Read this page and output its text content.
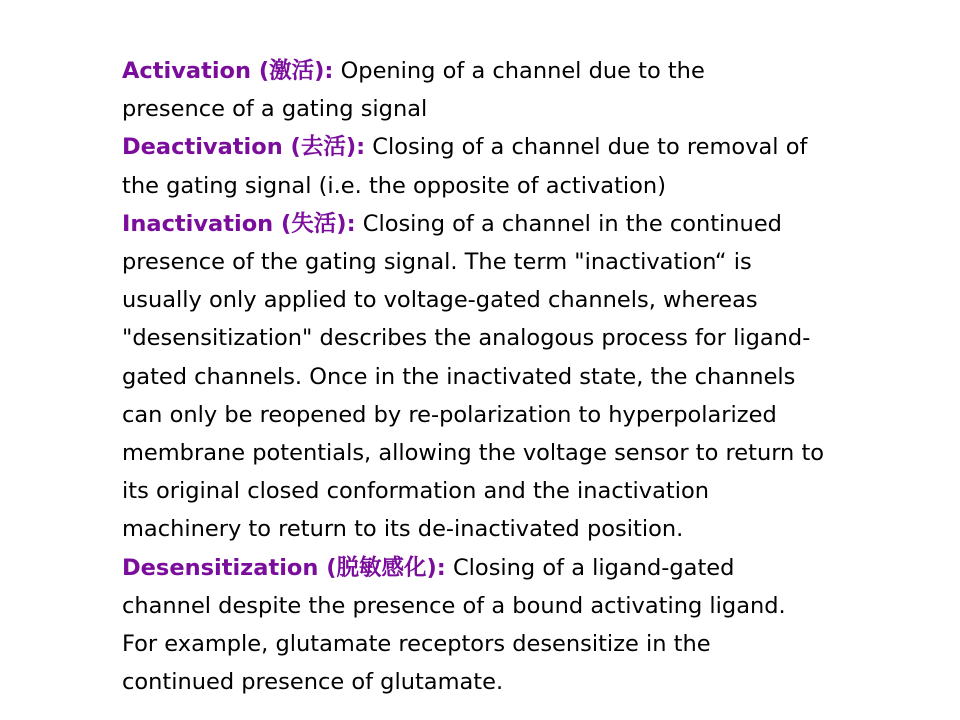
Activation (激活): Opening of a channel due to the
presence of a gating signal
Deactivation (去活): Closing of a channel due to removal of
the gating signal (i.e. the opposite of activation)
Inactivation (失活): Closing of a channel in the continued
presence of the gating signal. The term "inactivation“ is
usually only applied to voltage-gated channels, whereas
"desensitization" describes the analogous process for ligand-
gated channels. Once in the inactivated state, the channels
can only be reopened by re-polarization to hyperpolarized
membrane potentials, allowing the voltage sensor to return to
its original closed conformation and the inactivation
machinery to return to its de-inactivated position.
Desensitization (脱敏感化): Closing of a ligand-gated
channel despite the presence of a bound activating ligand.
For example, glutamate receptors desensitize in the
continued presence of glutamate.
